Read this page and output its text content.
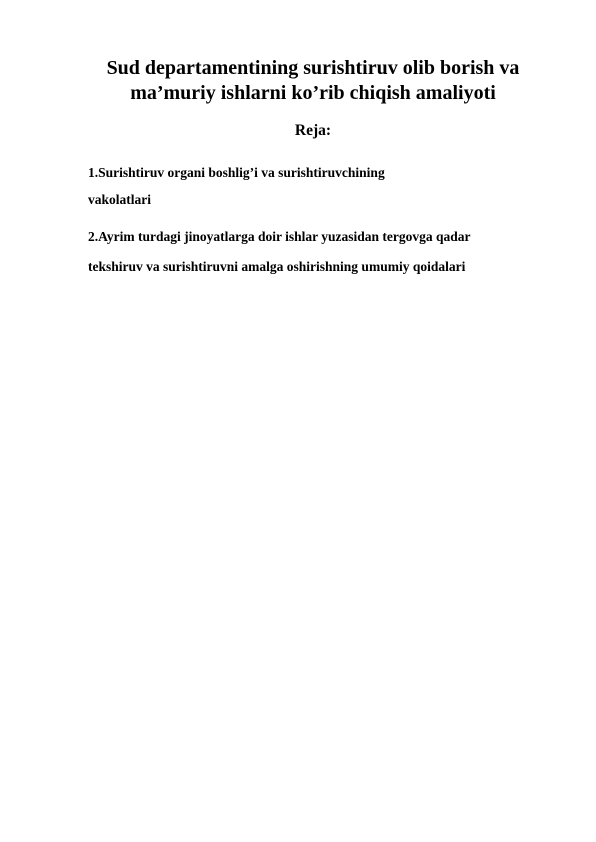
Sud departamentining surishtiruv olib borish va
ma’muriy ishlarni ko’rib chiqish amaliyoti
Reja:

1.Surishtiruv organi boshlig’i va surishtiruvchining

vakolatlari

2.Ayrim turdagi jinoyatlarga doir ishlar yuzasidan tergovga qadar

tekshiruv va surishtiruvni amalga oshirishning umumiy qoidalari
